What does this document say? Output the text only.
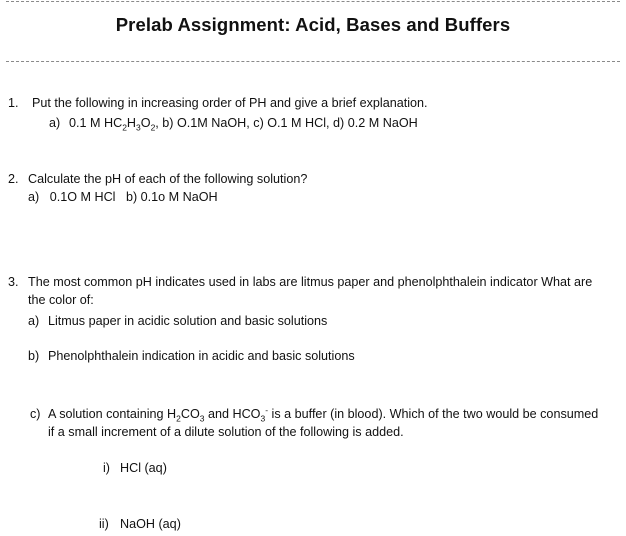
Prelab Assignment: Acid, Bases and Buffers
1. Put the following in increasing order of PH and give a brief explanation.
a) 0.1 M $HC_2H_3O_2$, b) O.1M NaOH, c) O.1 M HCl, d) 0.2 M NaOH
2. Calculate the pH of each of the following solution?
a)   0.1O M HCl   b) 0.1o M NaOH
3. The most common pH indicates used in labs are litmus paper and phenolphthalein indicator What are
the color of:
a) Litmus paper in acidic solution and basic solutions
b) Phenolphthalein indication in acidic and basic solutions
c) A solution containing $H_2CO_3$ and $HCO_3^-$ is a buffer (in blood). Which of the two would be consumed
if a small increment of a dilute solution of the following is added.
i) HCl (aq)
ii) NaOH (aq)
